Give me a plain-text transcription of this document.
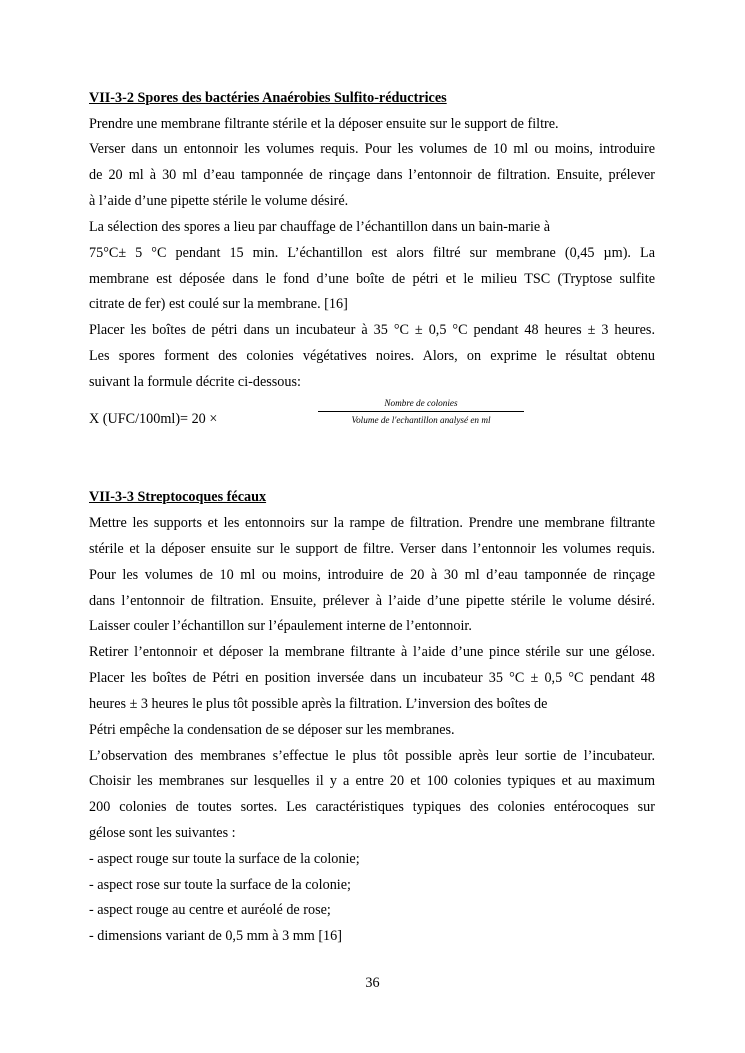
VII-3-2 Spores des bactéries Anaérobies Sulfito-réductrices
Prendre une membrane filtrante stérile et la déposer ensuite sur le support de filtre.
Verser dans un entonnoir les volumes requis. Pour les volumes de 10 ml ou moins, introduire
de 20 ml à 30 ml d’eau tamponnée de rinçage dans l’entonnoir de filtration. Ensuite, prélever
à l’aide d’une pipette stérile le volume désiré.
La sélection des spores a lieu par chauffage de l’échantillon dans un bain-marie à
75°C± 5 °C pendant 15 min. L’échantillon est alors filtré sur membrane (0,45 µm). La
membrane est déposée dans le fond d’une boîte de pétri et le milieu TSC (Tryptose sulfite
citrate de fer) est coulé sur la membrane. [16]
Placer les boîtes de pétri dans un incubateur à 35 °C ± 0,5 °C pendant 48 heures ± 3 heures.
Les spores forment des colonies végétatives noires. Alors, on exprime le résultat obtenu
suivant la formule décrite ci-dessous:
X (UFC/100ml)= 20 ×
Nombre de colonies
Volume de l′echantillon analysé en ml
VII-3-3 Streptocoques fécaux
Mettre les supports et les entonnoirs sur la rampe de filtration. Prendre une membrane filtrante
stérile et la déposer ensuite sur le support de filtre. Verser dans l’entonnoir les volumes requis.
Pour les volumes de 10 ml ou moins, introduire de 20 à 30 ml d’eau tamponnée de rinçage
dans l’entonnoir de filtration. Ensuite, prélever à l’aide d’une pipette stérile le volume désiré.
Laisser couler l’échantillon sur l’épaulement interne de l’entonnoir.
Retirer l’entonnoir et déposer la membrane filtrante à l’aide d’une pince stérile sur une gélose.
Placer les boîtes de Pétri en position inversée dans un incubateur 35 °C ± 0,5 °C pendant 48
heures ± 3 heures le plus tôt possible après la filtration. L’inversion des boîtes de
Pétri empêche la condensation de se déposer sur les membranes.
L’observation des membranes s’effectue le plus tôt possible après leur sortie de l’incubateur.
Choisir les membranes sur lesquelles il y a entre 20 et 100 colonies typiques et au maximum
200 colonies de toutes sortes. Les caractéristiques typiques des colonies entérocoques sur
gélose sont les suivantes :
- aspect rouge sur toute la surface de la colonie;
- aspect rose sur toute la surface de la colonie;
- aspect rouge au centre et auréolé de rose;
- dimensions variant de 0,5 mm à 3 mm [16]
36
